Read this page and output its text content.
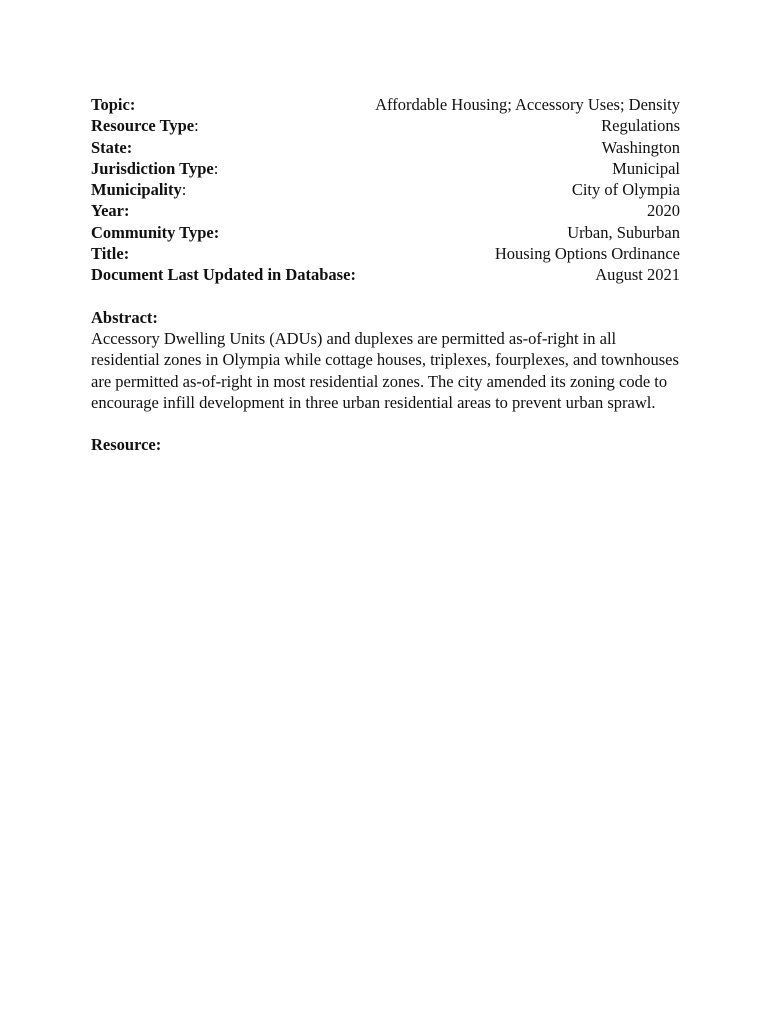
Topic:	Affordable Housing; Accessory Uses; Density
Resource Type:	Regulations
State:	Washington
Jurisdiction Type:	Municipal
Municipality:	City of Olympia
Year:	2020
Community Type:	Urban, Suburban
Title:	Housing Options Ordinance
Document Last Updated in Database:	August 2021

Abstract:

Accessory Dwelling Units (ADUs) and duplexes are permitted as-of-right in all residential zones in Olympia while cottage houses, triplexes, fourplexes, and townhouses are permitted as-of-right in most residential zones. The city amended its zoning code to encourage infill development in three urban residential areas to prevent urban sprawl.

Resource:
